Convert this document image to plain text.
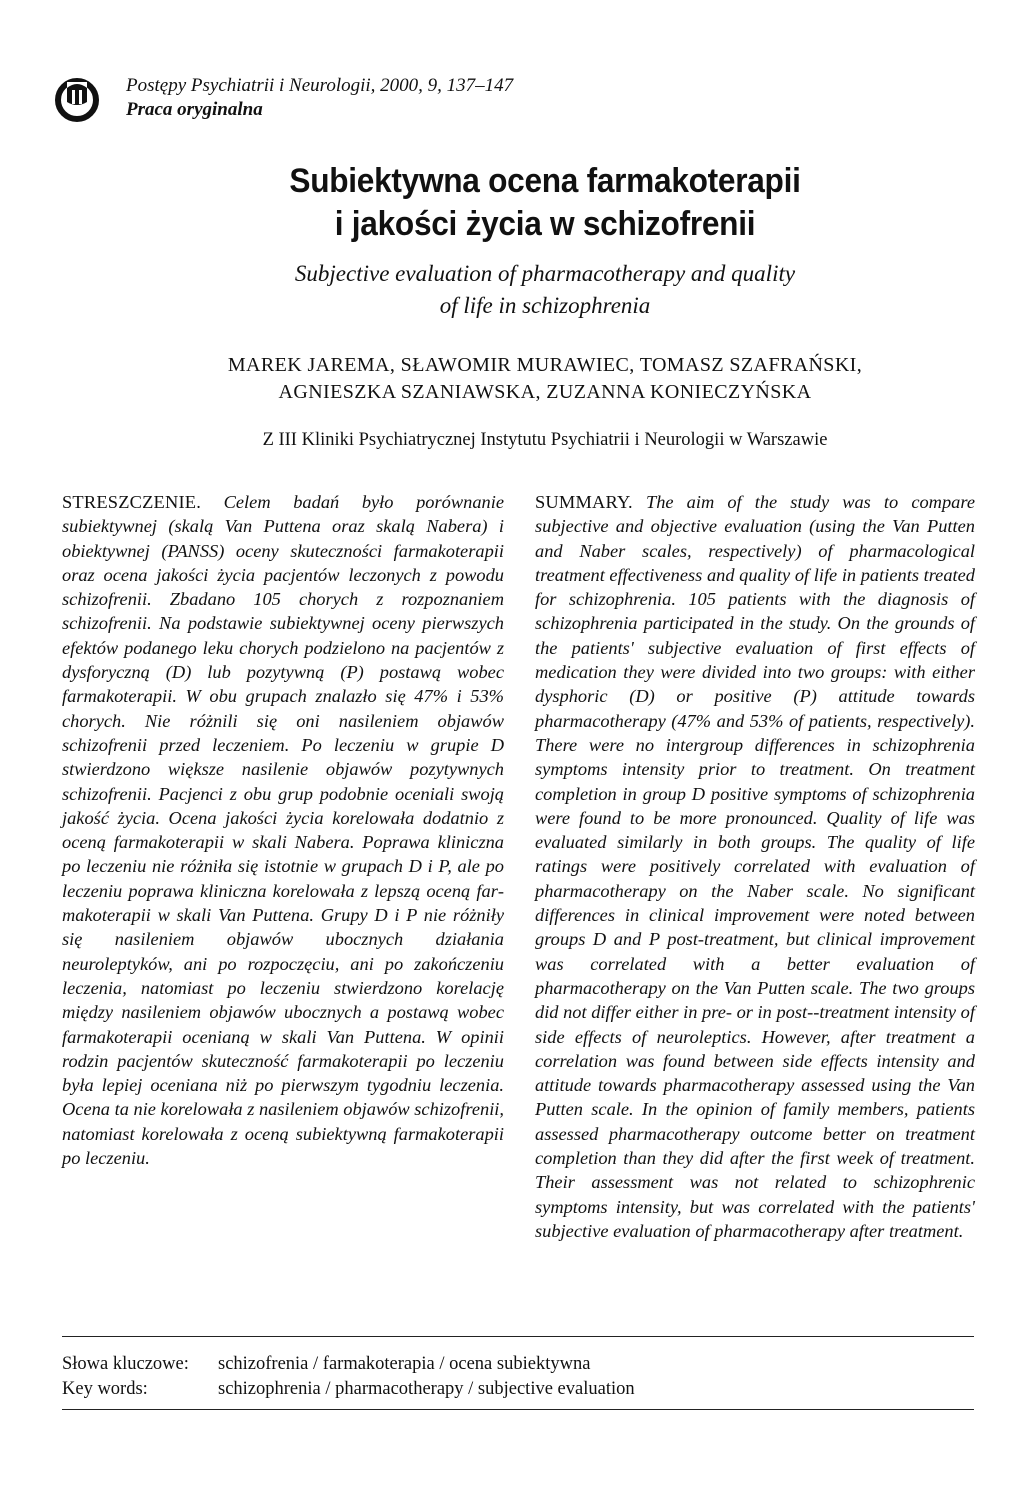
Postępy Psychiatrii i Neurologii, 2000, 9, 137–147
Praca oryginalna
Subiektywna ocena farmakoterapii
i jakości życia w schizofrenii
Subjective evaluation of pharmacotherapy and quality
of life in schizophrenia
MAREK JAREMA, SŁAWOMIR MURAWIEC, TOMASZ SZAFRAŃSKI,
AGNIESZKA SZANIAWSKA, ZUZANNA KONIECZYŃSKA
Z III Kliniki Psychiatrycznej Instytutu Psychiatrii i Neurologii w Warszawie
STRESZCZENIE. Celem badań było porównanie subiektywnej (skalą Van Puttena oraz skalą Nabera) i obiektywnej (PANSS) oceny skuteczności farmakoterapii oraz ocena jakości życia pacjentów leczonych z powodu schizofrenii. Zbadano 105 chorych z rozpoznaniem schizofrenii. Na podstawie subiektywnej oceny pierwszych efektów podanego leku chorych podzielono na pacjentów z dysforyczną (D) lub pozytywną (P) postawą wobec farmakoterapii. W obu grupach znalazło się 47% i 53% chorych. Nie różnili się oni nasileniem objawów schizofrenii przed leczeniem. Po leczeniu w grupie D stwierdzono większe nasilenie objawów pozytywnych schizofrenii. Pacjenci z obu grup podobnie oceniali swoją jakość życia. Ocena jakości życia korelowała dodatnio z oceną farmakoterapii w skali Nabera. Poprawa kliniczna po leczeniu nie różniła się istotnie w grupach D i P, ale po leczeniu poprawa kliniczna korelowała z lepszą oceną farmakoterapii w skali Van Puttena. Grupy D i P nie różniły się nasileniem objawów ubocznych działania neuroleptyków, ani po rozpoczęciu, ani po zakończeniu leczenia, natomiast po leczeniu stwierdzono korelację między nasileniem objawów ubocznych a postawą wobec farmakoterapii ocenianą w skali Van Puttena. W opinii rodzin pacjentów skuteczność farmakoterapii po leczeniu była lepiej oceniana niż po pierwszym tygodniu leczenia. Ocena ta nie korelowała z nasileniem objawów schizofrenii, natomiast korelowała z oceną subiektywną farmakoterapii po leczeniu.
SUMMARY. The aim of the study was to compare subjective and objective evaluation (using the Van Putten and Naber scales, respectively) of pharmacological treatment effectiveness and quality of life in patients treated for schizophrenia. 105 patients with the diagnosis of schizophrenia participated in the study. On the grounds of the patients' subjective evaluation of first effects of medication they were divided into two groups: with either dysphoric (D) or positive (P) attitude towards pharmacotherapy (47% and 53% of patients, respectively). There were no intergroup differences in schizophrenia symptoms intensity prior to treatment. On treatment completion in group D positive symptoms of schizophrenia were found to be more pronounced. Quality of life was evaluated similarly in both groups. The quality of life ratings were positively correlated with evaluation of pharmacotherapy on the Naber scale. No significant differences in clinical improvement were noted between groups D and P post-treatment, but clinical improvement was correlated with a better evaluation of pharmacotherapy on the Van Putten scale. The two groups did not differ either in pre- or in post-​-treatment intensity of side effects of neuroleptics. However, after treatment a correlation was found between side effects intensity and attitude towards pharmacotherapy assessed using the Van Putten scale. In the opinion of family members, patients assessed pharmacotherapy outcome better on treatment completion than they did after the first week of treatment. Their assessment was not related to schizophrenic symptoms intensity, but was correlated with the patients' subjective evaluation of pharmacotherapy after treatment.
Słowa kluczowe: schizofrenia / farmakoterapia / ocena subiektywna
Key words:	schizophrenia / pharmacotherapy / subjective evaluation
